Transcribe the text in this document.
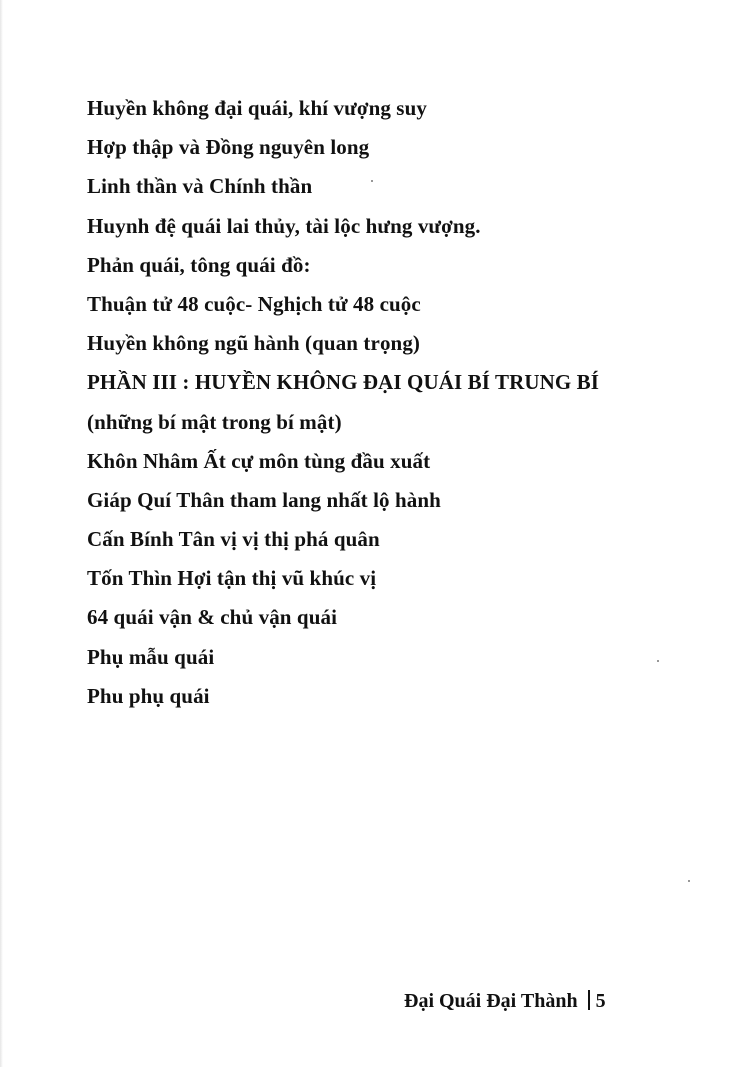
Huyền không đại quái, khí vượng suy
Hợp thập và Đồng nguyên long
Linh thần và Chính thần
Huynh đệ quái lai thủy, tài lộc hưng vượng.
Phản quái, tông quái đồ:
Thuận tử 48 cuộc- Nghịch tử 48 cuộc
Huyền không ngũ hành (quan trọng)
PHẦN III : HUYỀN KHÔNG ĐẠI QUÁI BÍ TRUNG BÍ
(những bí mật trong bí mật)
Khôn Nhâm Ất cự môn tùng đầu xuất
Giáp Quí Thân tham lang nhất lộ hành
Cấn Bính Tân vị vị thị phá quân
Tốn Thìn Hợi tận thị vũ khúc vị
64 quái vận & chủ vận quái
Phụ mẫu quái
Phu phụ quái
Đại Quái Đại Thành 5
